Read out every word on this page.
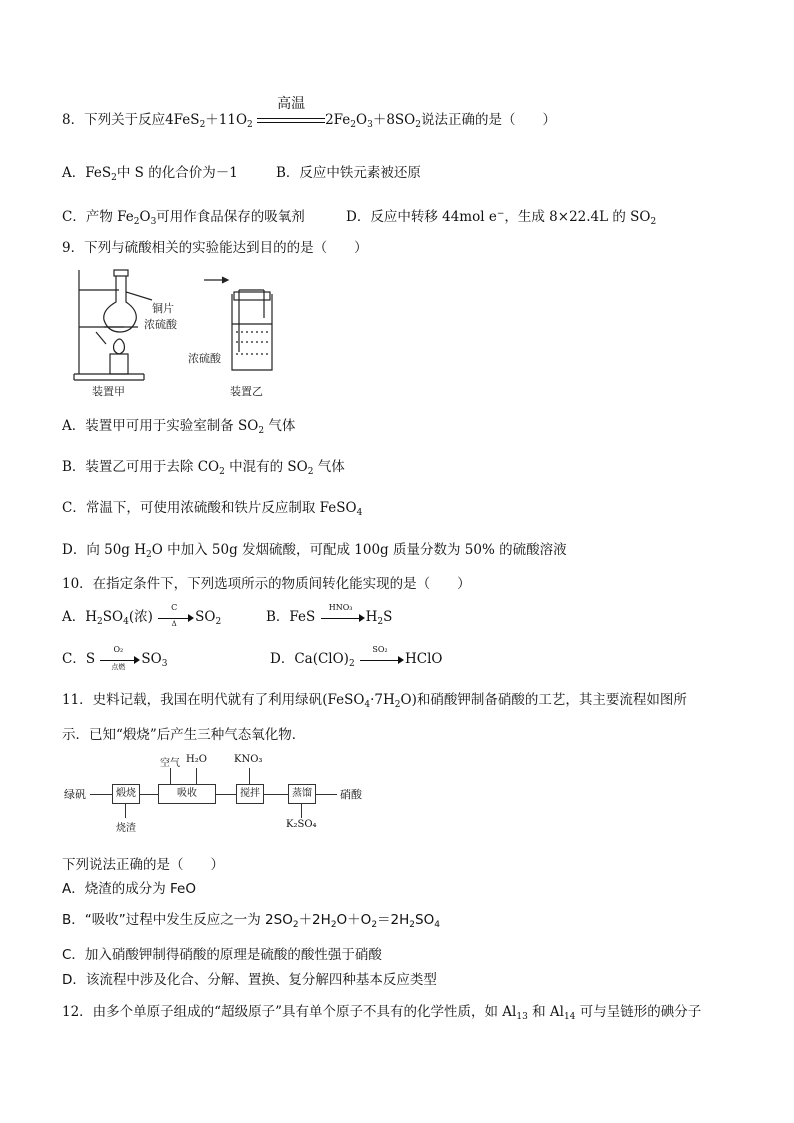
8．下列关于反应$4FeS_2+11O_2$
高温
$2Fe_2O_3+8SO_2$说法正确的是（　　）
A．FeS$_2$中 S 的化合价为－1	B．反应中铁元素被还原
C．产物 $Fe_2O_3$可用作食品保存的吸氧剂	D．反应中转移 44mol e−，生成 8×22.4L 的 $SO_2$
9．下列与硫酸相关的实验能达到目的的是（　　）
铜片
浓硫酸
装置甲
浓硫酸
装置乙
A．装置甲可用于实验室制备 $SO_2$ 气体
B．装置乙可用于去除 $CO_2$ 中混有的 $SO_2$ 气体
C．常温下，可使用浓硫酸和铁片反应制取 FeSO$_4$
D．向 50g $H_2O$ 中加入 50g 发烟硫酸，可配成 100g 质量分数为 50% 的硫酸溶液
10．在指定条件下，下列选项所示的物质间转化能实现的是（　　）
A．$H_2SO_4$(浓) $\frac{C}{\Delta} SO_2$	B．FeS
HNO₃
$H_2S$
C．S
O₂
点燃	$SO_3$	D．$Ca(ClO)_2$
SO₂
HClO
11．史料记载，我国在明代就有了利用绿矾$(FeSO_4\cdot 7H_2O)$和硝酸钾制备硝酸的工艺，其主要流程如图所
示．已知“煅烧”后产生三种气态氧化物．
绿矾	煅烧
烧渣
吸收
空气 H₂O
搅拌
KNO₃
蒸馏
K₂SO₄
硝酸
下列说法正确的是（　　）
A．烧渣的成分为 FeO
B．“吸收”过程中发生反应之一为 $2SO_2+2H_2O+O_2=2H_2SO_4$
C．加入硝酸钾制得硝酸的原理是硫酸的酸性强于硝酸
D．该流程中涉及化合、分解、置换、复分解四种基本反应类型
12．由多个单原子组成的“超级原子”具有单个原子不具有的化学性质，如 $Al_{13}$ 和 $Al_{14}$ 可与呈链形的碘分子
